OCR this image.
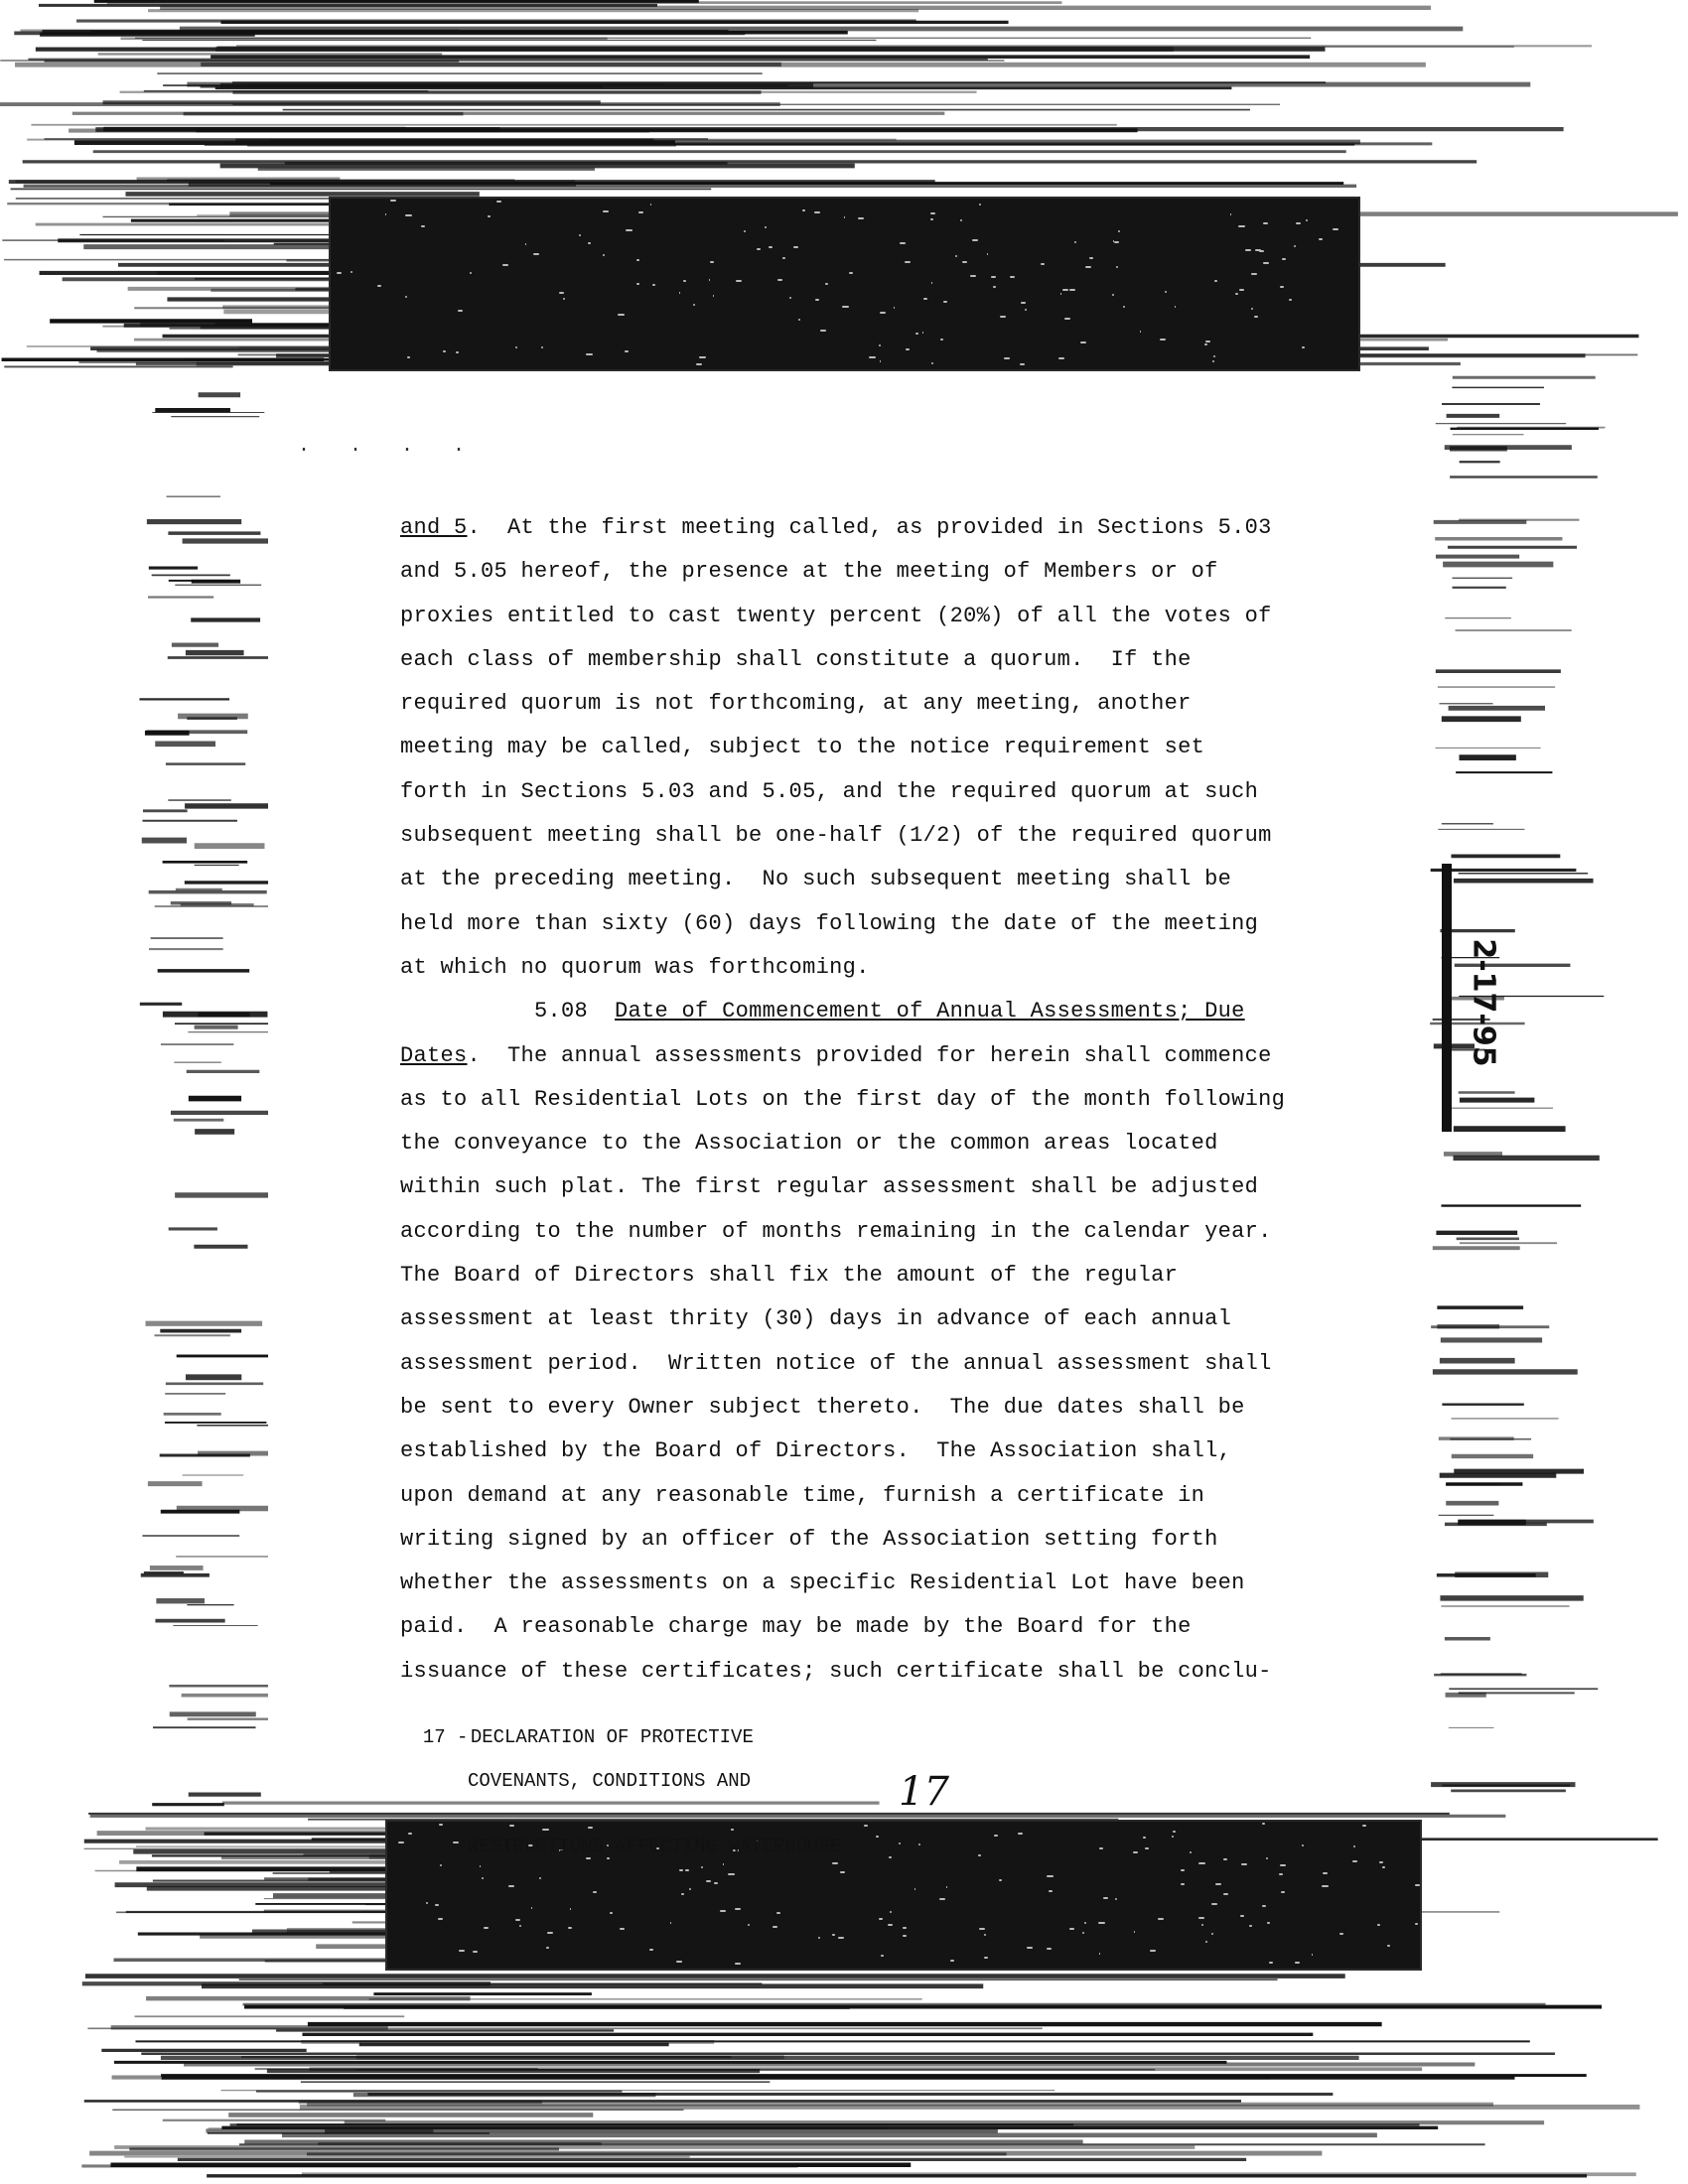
. . . .
and 5.  At the first meeting called, as provided in Sections 5.03
and 5.05 hereof, the presence at the meeting of Members or of
proxies entitled to cast twenty percent (20%) of all the votes of
each class of membership shall constitute a quorum.  If the
required quorum is not forthcoming, at any meeting, another
meeting may be called, subject to the notice requirement set
forth in Sections 5.03 and 5.05, and the required quorum at such
subsequent meeting shall be one-half (1/2) of the required quorum
at the preceding meeting.  No such subsequent meeting shall be
held more than sixty (60) days following the date of the meeting
at which no quorum was forthcoming.
5.08  Date of Commencement of Annual Assessments; Due
Dates.  The annual assessments provided for herein shall commence
as to all Residential Lots on the first day of the month following
the conveyance to the Association or the common areas located
within such plat. The first regular assessment shall be adjusted
according to the number of months remaining in the calendar year.
The Board of Directors shall fix the amount of the regular
assessment at least thrity (30) days in advance of each annual
assessment period.  Written notice of the annual assessment shall
be sent to every Owner subject thereto.  The due dates shall be
established by the Board of Directors.  The Association shall,
upon demand at any reasonable time, furnish a certificate in
writing signed by an officer of the Association setting forth
whether the assessments on a specific Residential Lot have been
paid.  A reasonable charge may be made by the Board for the
issuance of these certificates; such certificate shall be conclu-

17 - DECLARATION OF PROTECTIVE

COVENANTS, CONDITIONS AND

RESTRUCTIONS AFFECTING WATERHOUSE

17
2-17-95
